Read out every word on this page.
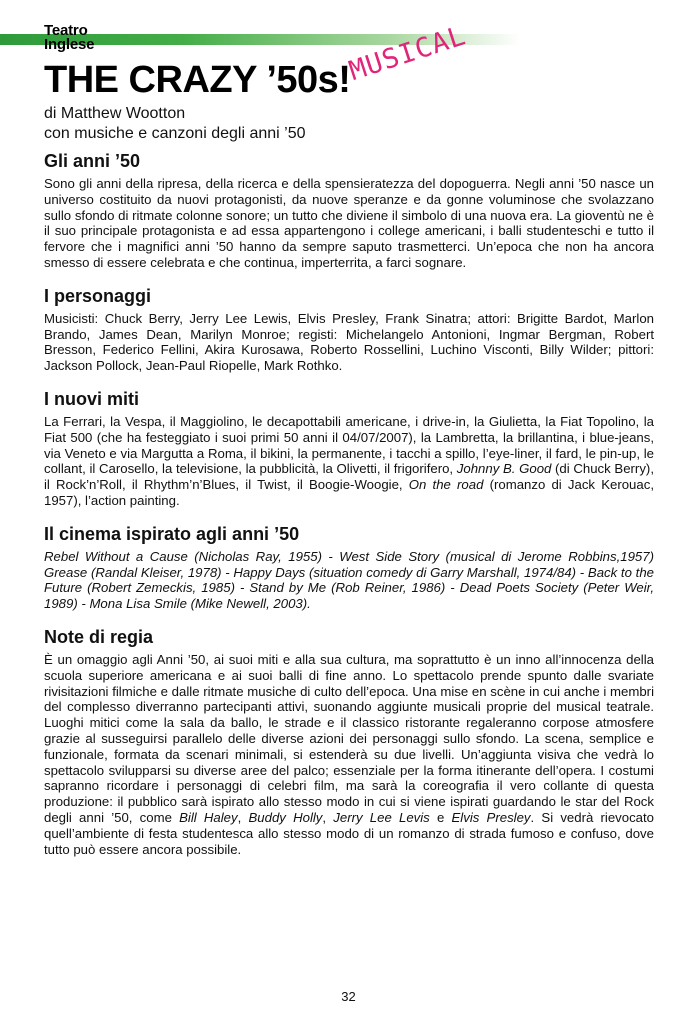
Teatro Inglese
THE CRAZY ’50s!
MUSICAL
di Matthew Wootton
con musiche e canzoni degli anni ’50
Gli anni ’50

Sono gli anni della ripresa, della ricerca e della spensieratezza del dopoguerra. Negli anni ’50 nasce un universo costituito da nuovi protagonisti, da nuove speranze e da gonne voluminose che svolazzano sullo sfondo di ritmate colonne sonore; un tutto che diviene il simbolo di una nuova era. La gioventù ne è il suo principale protagonista e ad essa appartengono i college americani, i balli studenteschi e tutto il fervore che i magnifici anni ’50 hanno da sempre saputo trasmetterci. Un’epoca che non ha ancora smesso di essere celebrata e che continua, imperterrita, a farci sognare.

I personaggi

Musicisti: Chuck Berry, Jerry Lee Lewis, Elvis Presley, Frank Sinatra; attori: Brigitte Bardot, Marlon Brando, James Dean, Marilyn Monroe; registi: Michelangelo Antonioni, Ingmar Bergman, Robert Bresson, Federico Fellini, Akira Kurosawa, Roberto Rossellini, Luchino Visconti, Billy Wilder; pittori: Jackson Pollock, Jean-Paul Riopelle, Mark Rothko.

I nuovi miti

La Ferrari, la Vespa, il Maggiolino, le decapottabili americane, i drive-in, la Giulietta, la Fiat Topolino, la Fiat 500 (che ha festeggiato i suoi primi 50 anni il 04/07/2007), la Lambretta, la brillantina, i blue-jeans, via Veneto e via Margutta a Roma, il bikini, la permanente, i tacchi a spillo, l’eye-liner, il fard, le pin-up, le collant, il Carosello, la televisione, la pubblicità, la Olivetti, il frigorifero, Johnny B. Good (di Chuck Berry), il Rock’n’Roll, il Rhythm’n’Blues, il Twist, il Boogie-Woogie, On the road (romanzo di Jack Kerouac, 1957), l’action painting.

Il cinema ispirato agli anni ’50

Rebel Without a Cause (Nicholas Ray, 1955) - West Side Story (musical di Jerome Robbins,1957) Grease (Randal Kleiser, 1978) - Happy Days (situation comedy di Garry Marshall, 1974/84) - Back to the Future (Robert Zemeckis, 1985) - Stand by Me (Rob Reiner, 1986) - Dead Poets Society (Peter Weir, 1989) - Mona Lisa Smile (Mike Newell, 2003).

Note di regia

È un omaggio agli Anni ’50, ai suoi miti e alla sua cultura, ma soprattutto è un inno all’innocenza della scuola superiore americana e ai suoi balli di fine anno. Lo spettacolo prende spunto dalle svariate rivisitazioni filmiche e dalle ritmate musiche di culto dell’epoca. Una mise en scène in cui anche i membri del complesso diverranno partecipanti attivi, suonando aggiunte musicali proprie del musical teatrale. Luoghi mitici come la sala da ballo, le strade e il classico ristorante regaleranno corpose atmosfere grazie al susseguirsi parallelo delle diverse azioni dei personaggi sullo sfondo. La scena, semplice e funzionale, formata da scenari minimali, si estenderà su due livelli. Un’aggiunta visiva che vedrà lo spettacolo svilupparsi su diverse aree del palco; essenziale per la forma itinerante dell’opera. I costumi sapranno ricordare i personaggi di celebri film, ma sarà la coreografia il vero collante di questa produzione: il pubblico sarà ispirato allo stesso modo in cui si viene ispirati guardando le star del Rock degli anni ’50, come Bill Haley, Buddy Holly, Jerry Lee Levis e Elvis Presley. Si vedrà rievocato quell’ambiente di festa studentesca allo stesso modo di un romanzo di strada fumoso e confuso, dove tutto può essere ancora possibile.

32
